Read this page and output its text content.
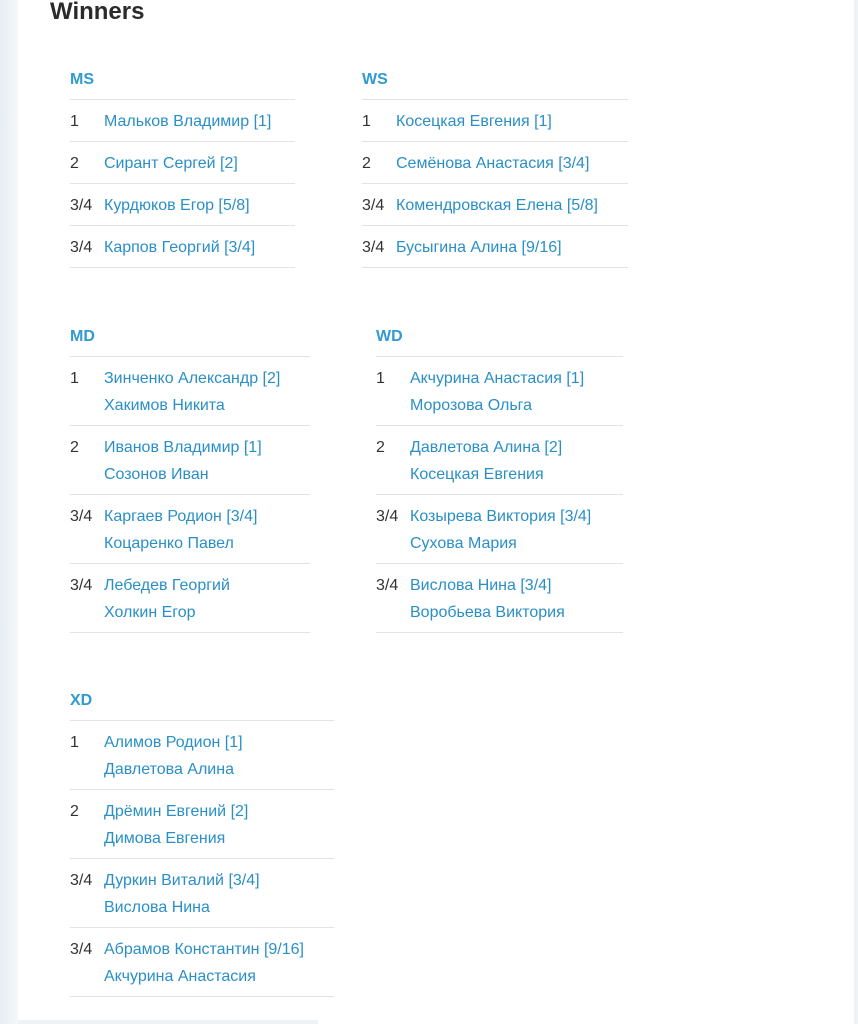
Winners
MS
1	Мальков Владимир [1]
2	Сирант Сергей [2]
3/4 Курдюков Егор [5/8]
3/4 Карпов Георгий [3/4]
WS
1	Косецкая Евгения [1]
2	Семёнова Анастасия [3/4]
3/4 Комендровская Елена [5/8]
3/4 Бусыгина Алина [9/16]
MD
1	Зинченко Александр [2]
Хакимов Никита
2	Иванов Владимир [1]
Созонов Иван
3/4 Каргаев Родион [3/4]
Коцаренко Павел
3/4 Лебедев Георгий
Холкин Егор
WD
1	Акчурина Анастасия [1]
Морозова Ольга
2	Давлетова Алина [2]
Косецкая Евгения
3/4 Козырева Виктория [3/4]
Сухова Мария
3/4 Вислова Нина [3/4]
Воробьева Виктория
XD
1	Алимов Родион [1]
Давлетова Алина
2	Дрёмин Евгений [2]
Димова Евгения
3/4 Дуркин Виталий [3/4]
Вислова Нина
3/4 Абрамов Константин [9/16]
Акчурина Анастасия
